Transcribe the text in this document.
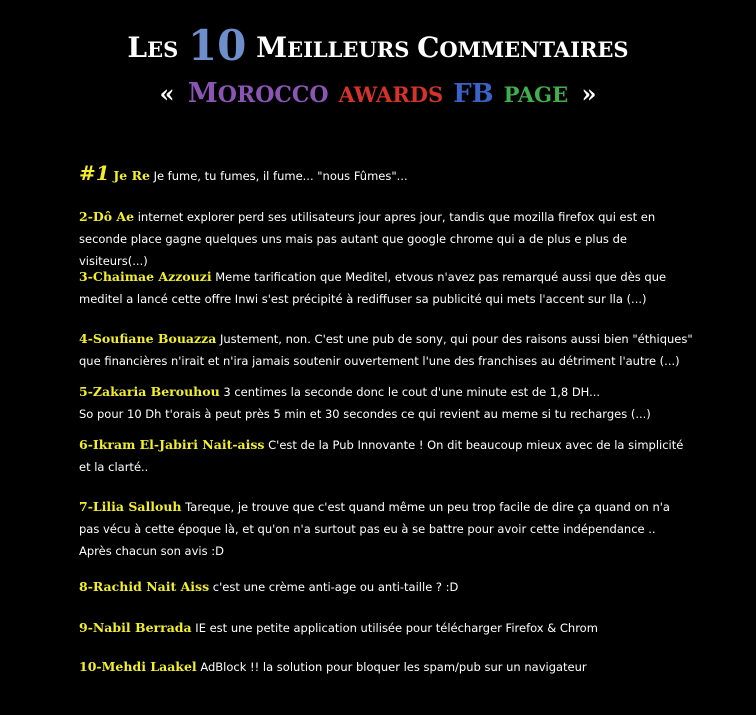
LES 10 MEILLEURS COMMENTAIRES
« MOROCCO AWARDS FB PAGE »
#1 Je Re Je fume, tu fumes, il fume... "nous Fûmes"...
2-Dô Ae internet explorer perd ses utilisateurs jour apres jour, tandis que mozilla firefox qui est en
seconde place gagne quelques uns mais pas autant que google chrome qui a de plus e plus de visiteurs(...)
3-Chaimae Azzouzi Meme tarification que Meditel, etvous n'avez pas remarqué aussi que dès que
meditel a lancé cette offre Inwi s'est précipité à rediffuser sa publicité qui mets l'accent sur lla (...)
4-Soufiane Bouazza Justement, non. C'est une pub de sony, qui pour des raisons aussi bien "éthiques"
que financières n'irait et n'ira jamais soutenir ouvertement l'une des franchises au détriment l'autre (...)
5-Zakaria Berouhou 3 centimes la seconde donc le cout d'une minute est de 1,8 DH...
So pour 10 Dh t'orais à peut près 5 min et 30 secondes ce qui revient au meme si tu recharges (...)
6-Ikram El-Jabiri Nait-aiss C'est de la Pub Innovante ! On dit beaucoup mieux avec de la simplicité
et la clarté..
7-Lilia Sallouh Tareque, je trouve que c'est quand même un peu trop facile de dire ça quand on n'a
pas vécu à cette époque là, et qu'on n'a surtout pas eu à se battre pour avoir cette indépendance ..
Après chacun son avis :D
8-Rachid Nait Aiss c'est une crème anti-age ou anti-taille ? :D
9-Nabil Berrada IE est une petite application utilisée pour télécharger Firefox & Chrom
10-Mehdi Laakel AdBlock !! la solution pour bloquer les spam/pub sur un navigateur
